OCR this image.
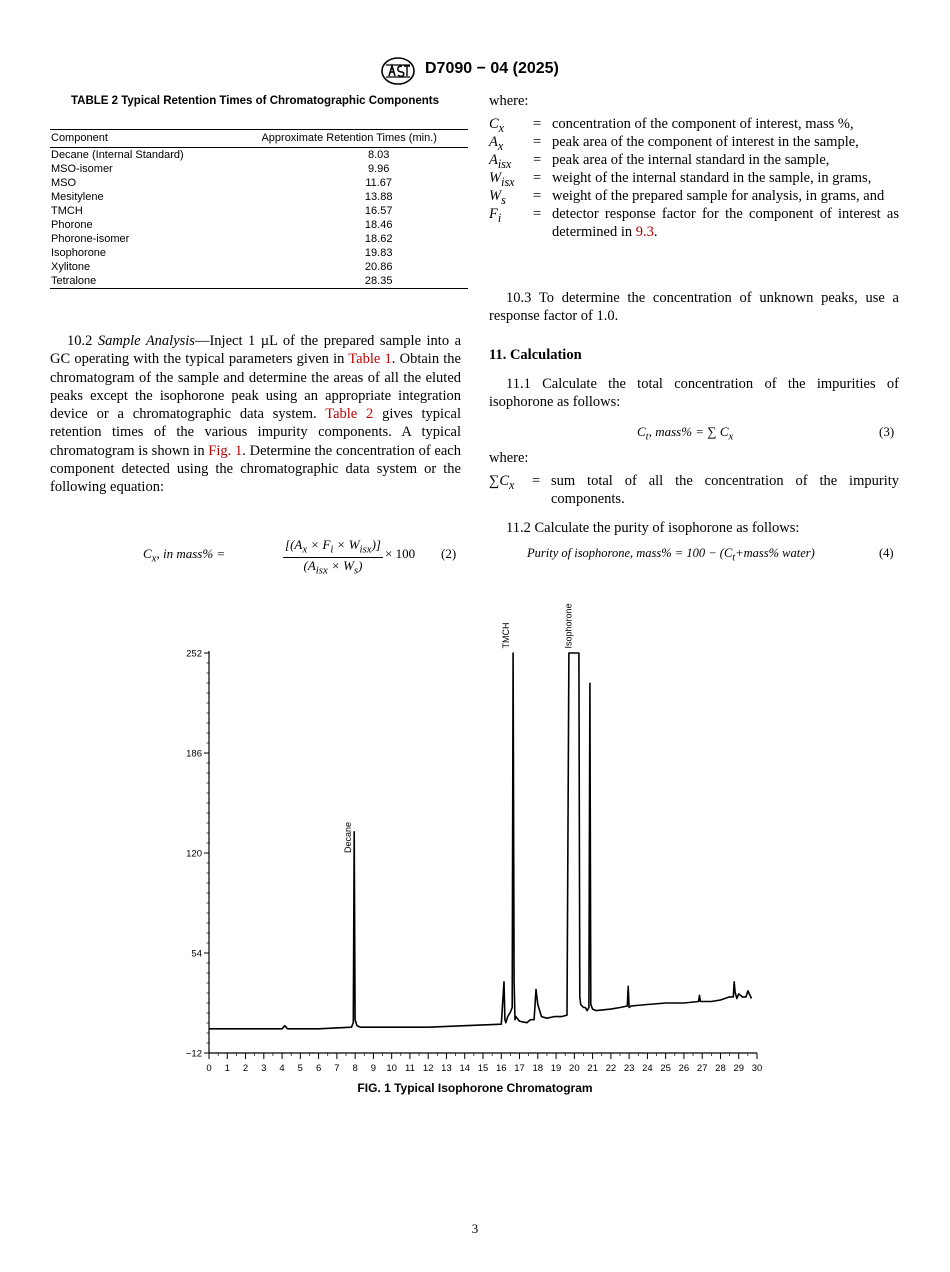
D7090 − 04 (2025)
TABLE 2 Typical Retention Times of Chromatographic Components
Component	Approximate Retention Times (min.)
Decane (Internal Standard)	8.03
MSO-isomer	9.96
MSO	11.67
Mesitylene	13.88
TMCH	16.57
Phorone	18.46
Phorone-isomer	18.62
Isophorone	19.83
Xylitone	20.86
Tetralone	28.35
10.2 Sample Analysis—Inject 1 µL of the prepared sample into a GC operating with the typical parameters given in Table 1. Obtain the chromatogram of the sample and determine the areas of all the eluted peaks except the isophorone peak using an appropriate integration device or a chromatographic data system. Table 2 gives typical retention times of the various impurity components. A typical chromatogram is shown in Fig. 1. Determine the concentration of each component detected using the chromatographic data system or the following equation:
$C_x$, in mass% =
$[(A_x \times F_i \times W_{isx})]$
$(A_{isx} \times W_s)$
× 100 (2)
where:
$C_x$ = concentration of the component of interest, mass %,
$A_x$ = peak area of the component of interest in the sample,
$A_{isx}$ = peak area of the internal standard in the sample,
$W_{isx}$ = weight of the internal standard in the sample, in grams,
$W_s$ = weight of the prepared sample for analysis, in grams, and
$F_i$ = detector response factor for the component of interest as determined in 9.3.
10.3 To determine the concentration of unknown peaks, use a response factor of 1.0.
11. Calculation
11.1 Calculate the total concentration of the impurities of isophorone as follows:
$C_t$, mass% = ∑ $C_x$	(3)
where:
$\sum C_x$ = sum total of all the concentration of the impurity components.
11.2 Calculate the purity of isophorone as follows:
Purity of isophorone, mass% = $100 - (C_t+mass\%$ water)	(4)
−12
54
120
186
252
0 1 2 3 4 5 6 7 8 9 10 11 12 13 14 15 16 17 18 19 20 21 22 23 24 25 26 27 28 29 30
Decane
TMCH	Isophorone
FIG. 1 Typical Isophorone Chromatogram
3
